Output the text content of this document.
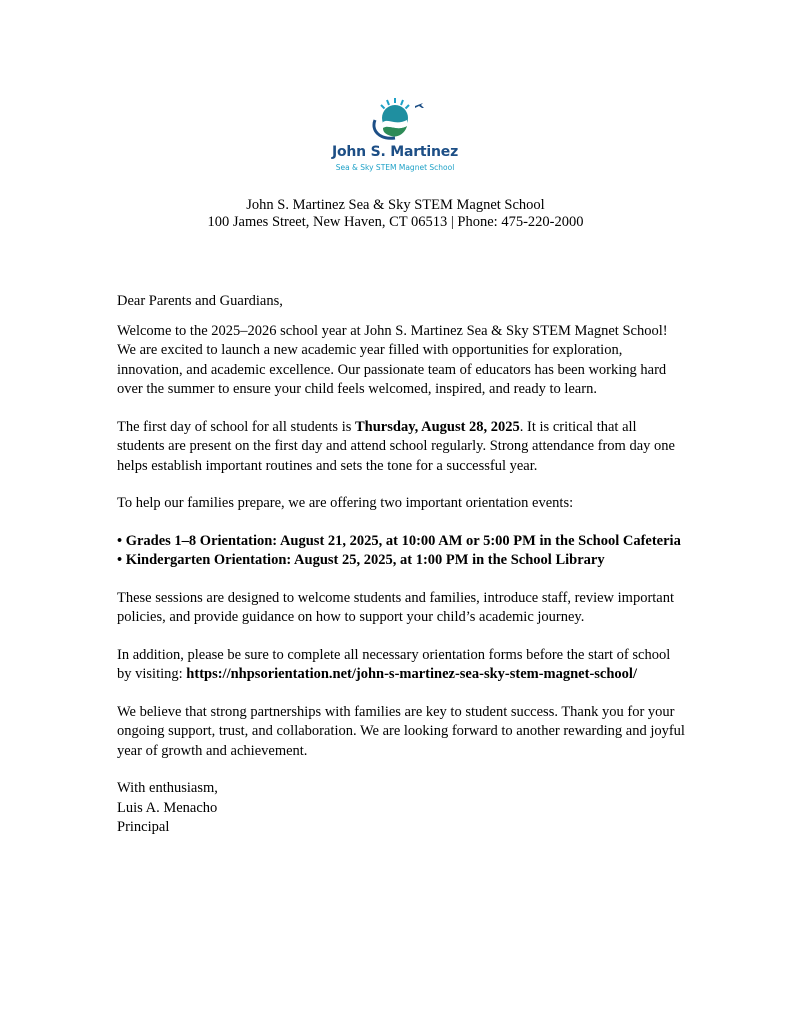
John S. Martinez
Sea & Sky STEM Magnet School
John S. Martinez Sea & Sky STEM Magnet School
100 James Street, New Haven, CT 06513 | Phone: 475-220-2000

Dear Parents and Guardians,

Welcome to the 2025–2026 school year at John S. Martinez Sea & Sky STEM Magnet School! We are excited to launch a new academic year filled with opportunities for exploration, innovation, and academic excellence. Our passionate team of educators has been working hard over the summer to ensure your child feels welcomed, inspired, and ready to learn.

The first day of school for all students is Thursday, August 28, 2025. It is critical that all students are present on the first day and attend school regularly. Strong attendance from day one helps establish important routines and sets the tone for a successful year.

To help our families prepare, we are offering two important orientation events:

• Grades 1–8 Orientation: August 21, 2025, at 10:00 AM or 5:00 PM in the School Cafeteria

• Kindergarten Orientation: August 25, 2025, at 1:00 PM in the School Library

These sessions are designed to welcome students and families, introduce staff, review important policies, and provide guidance on how to support your child’s academic journey.

In addition, please be sure to complete all necessary orientation forms before the start of school by visiting: https://nhpsorientation.net/john-s-martinez-sea-sky-stem-magnet-school/

We believe that strong partnerships with families are key to student success. Thank you for your ongoing support, trust, and collaboration. We are looking forward to another rewarding and joyful year of growth and achievement.

With enthusiasm,

Luis A. Menacho

Principal
